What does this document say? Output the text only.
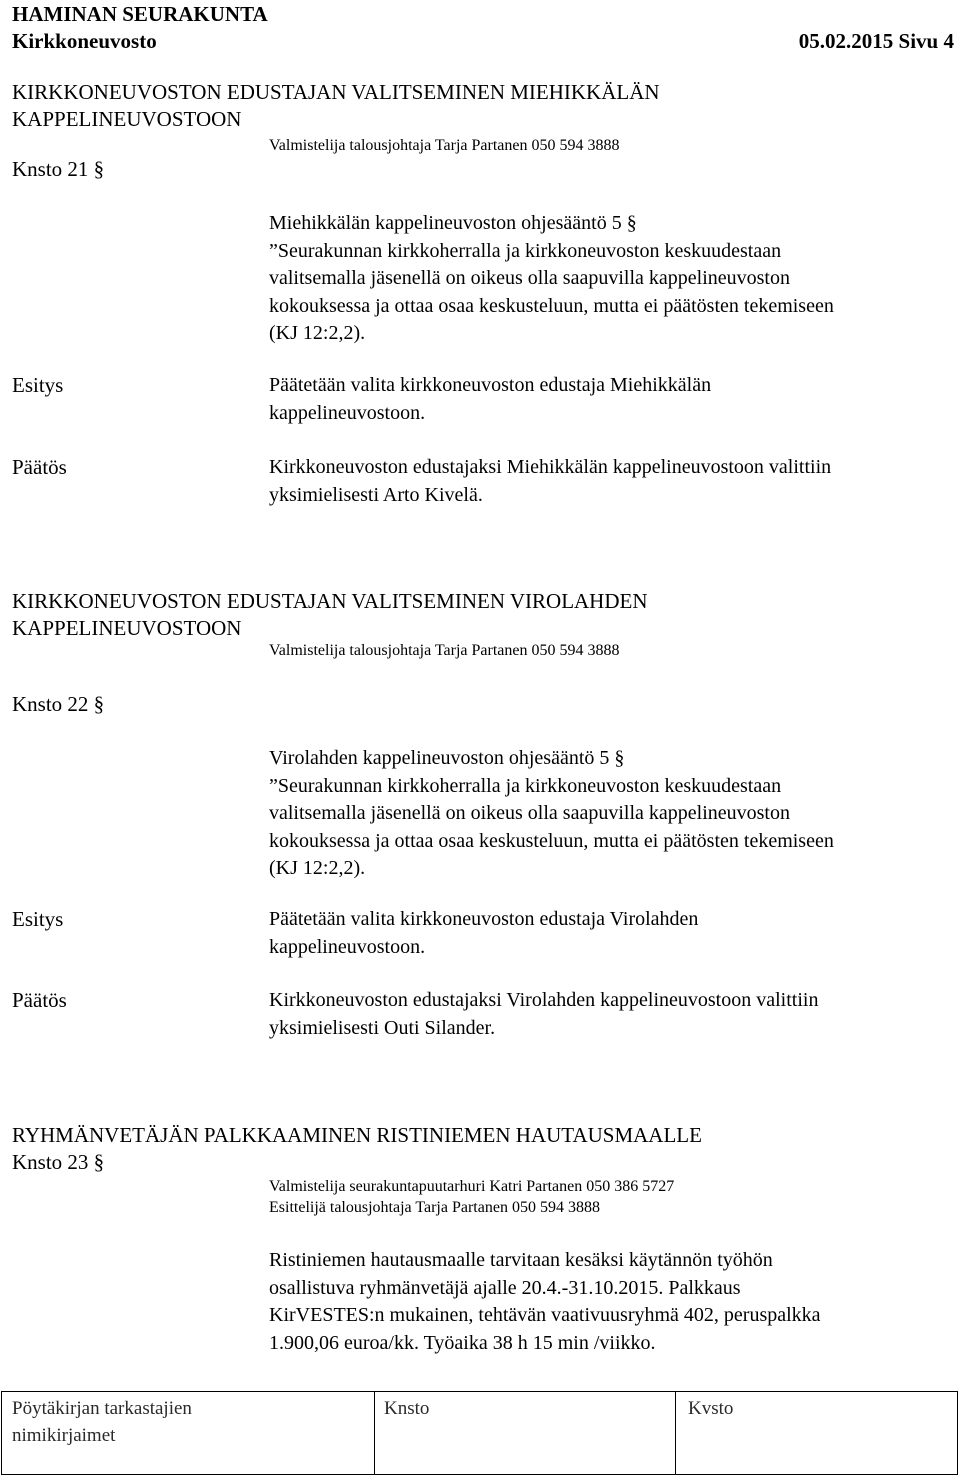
HAMINAN SEURAKUNTA
Kirkkoneuvosto	05.02.2015 Sivu 4
KIRKKONEUVOSTON EDUSTAJAN VALITSEMINEN MIEHIKKÄLÄN
KAPPELINEUVOSTOON
Valmistelija talousjohtaja Tarja Partanen 050 594 3888
Knsto 21 §
Miehikkälän kappelineuvoston ohjesääntö 5 §
”Seurakunnan kirkkoherralla ja kirkkoneuvoston keskuudestaan
valitsemalla jäsenellä on oikeus olla saapuvilla kappelineuvoston
kokouksessa ja ottaa osaa keskusteluun, mutta ei päätösten tekemiseen
(KJ 12:2,2).
Esitys	Päätetään valita kirkkoneuvoston edustaja Miehikkälän
kappelineuvostoon.
Päätös	Kirkkoneuvoston edustajaksi Miehikkälän kappelineuvostoon valittiin
yksimielisesti Arto Kivelä.
KIRKKONEUVOSTON EDUSTAJAN VALITSEMINEN VIROLAHDEN
KAPPELINEUVOSTOON
Valmistelija talousjohtaja Tarja Partanen 050 594 3888
Knsto 22 §
Virolahden kappelineuvoston ohjesääntö 5 §
”Seurakunnan kirkkoherralla ja kirkkoneuvoston keskuudestaan
valitsemalla jäsenellä on oikeus olla saapuvilla kappelineuvoston
kokouksessa ja ottaa osaa keskusteluun, mutta ei päätösten tekemiseen
(KJ 12:2,2).
Esitys	Päätetään valita kirkkoneuvoston edustaja Virolahden
kappelineuvostoon.
Päätös	Kirkkoneuvoston edustajaksi Virolahden kappelineuvostoon valittiin
yksimielisesti Outi Silander.
RYHMÄNVETÄJÄN PALKKAAMINEN RISTINIEMEN HAUTAUSMAALLE
Knsto 23 §
Valmistelija seurakuntapuutarhuri Katri Partanen 050 386 5727
Esittelijä talousjohtaja Tarja Partanen 050 594 3888
Ristiniemen hautausmaalle tarvitaan kesäksi käytännön työhön
osallistuva ryhmänvetäjä ajalle 20.4.-31.10.2015. Palkkaus
KirVESTES:n mukainen, tehtävän vaativuusryhmä 402, peruspalkka
1.900,06 euroa/kk. Työaika 38 h 15 min /viikko.
Pöytäkirjan tarkastajien
nimikirjaimet
Knsto	Kvsto
